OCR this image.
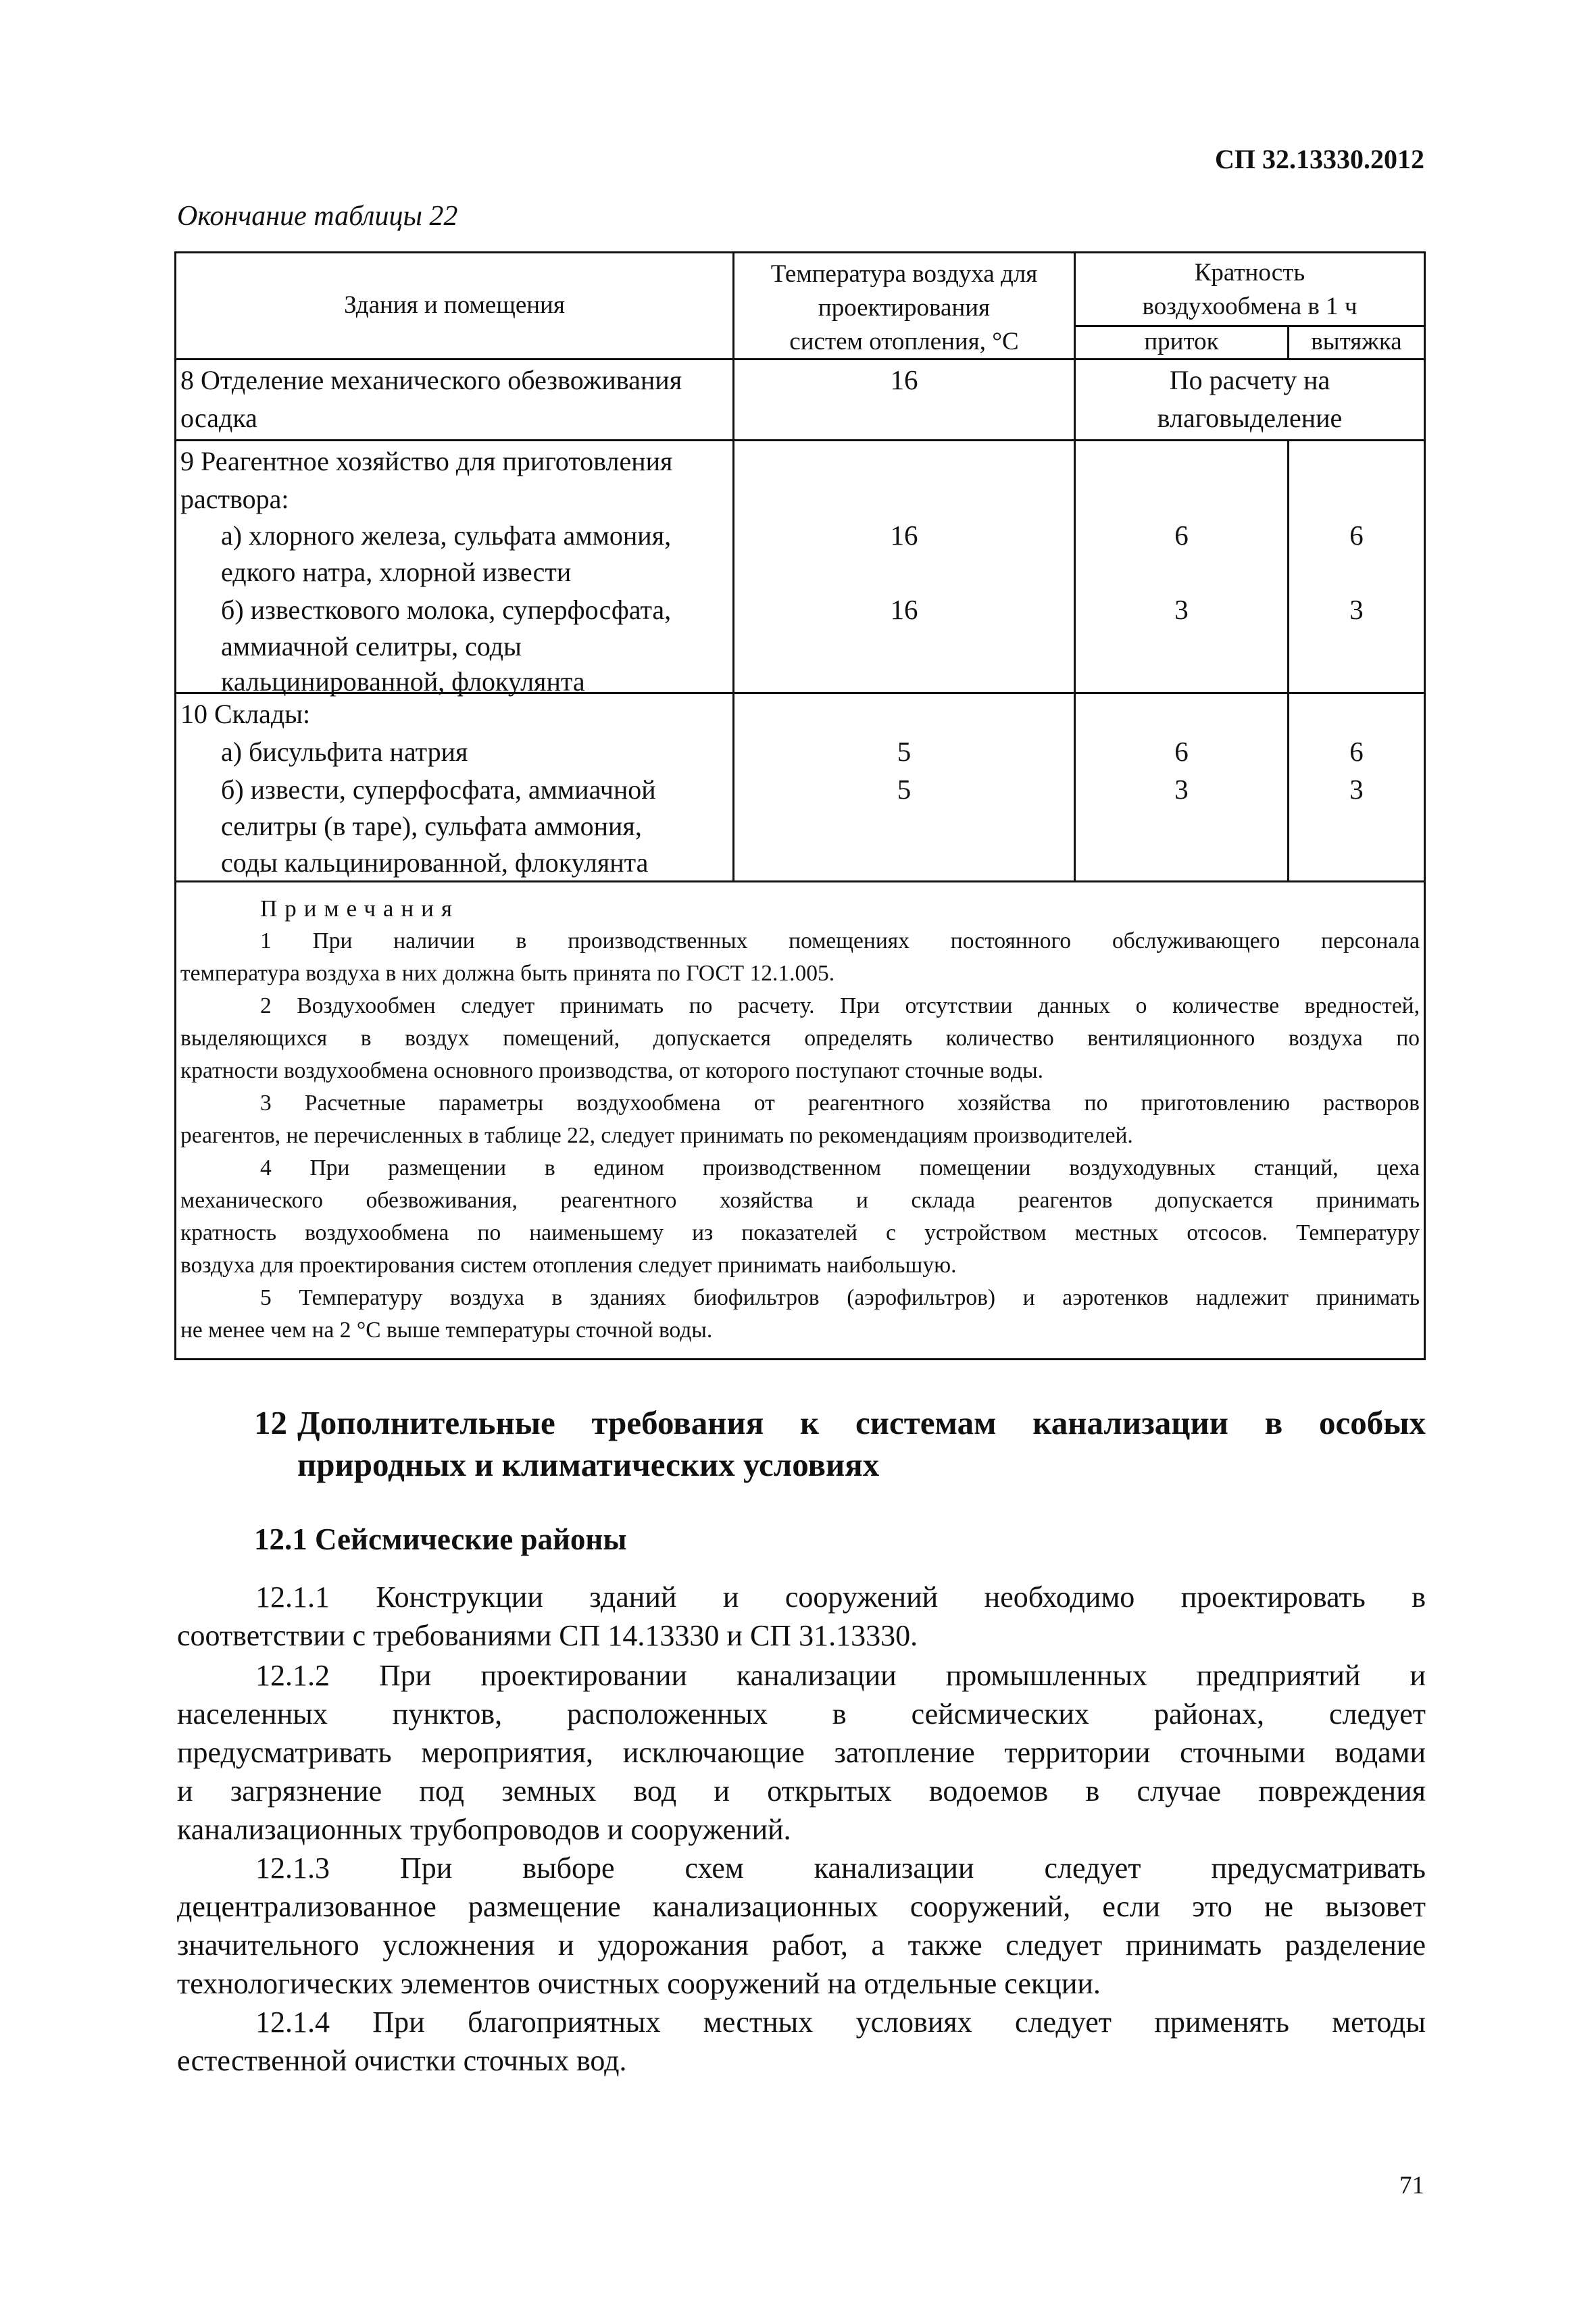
СП 32.13330.2012
Окончание таблицы 22
Здания и помещения
Температура воздуха для
проектирования
систем отопления, °С
Кратность
воздухообмена в 1 ч
приток	вытяжка
8 Отделение механического обезвоживания
осадка
16	По расчету на
влаговыделение
9 Реагентное хозяйство для приготовления
раствора:
а) хлорного железа, сульфата аммония,
едкого натра, хлорной извести
16	6	6
б) известкового молока, суперфосфата,
аммиачной селитры, соды
кальцинированной, флокулянта
16	3	3
10 Склады:
а) бисульфита натрия	5	6	6
б) извести, суперфосфата, аммиачной
селитры (в таре), сульфата аммония,
соды кальцинированной, флокулянта
5	3	3
Примечания
1 При наличии в производственных помещениях постоянного обслуживающего персонала
температура воздуха в них должна быть принята по ГОСТ 12.1.005.
2 Воздухообмен следует принимать по расчету. При отсутствии данных о количестве вредностей,
выделяющихся в воздух помещений, допускается определять количество вентиляционного воздуха по
кратности воздухообмена основного производства, от которого поступают сточные воды.
3 Расчетные параметры воздухообмена от реагентного хозяйства по приготовлению растворов
реагентов, не перечисленных в таблице 22, следует принимать по рекомендациям производителей.
4 При размещении в едином производственном помещении воздуходувных станций, цеха
механического обезвоживания, реагентного хозяйства и склада реагентов допускается принимать
кратность воздухообмена по наименьшему из показателей с устройством местных отсосов. Температуру
воздуха для проектирования систем отопления следует принимать наибольшую.
5 Температуру воздуха в зданиях биофильтров (аэрофильтров) и аэротенков надлежит принимать
не менее чем на 2 °С выше температуры сточной воды.
12 Дополнительные требования к системам канализации в особых
природных и климатических условиях
12.1 Сейсмические районы
12.1.1 Конструкции зданий и сооружений необходимо проектировать в
соответствии с требованиями СП 14.13330 и СП 31.13330.
12.1.2 При проектировании канализации промышленных предприятий и
населенных пунктов, расположенных в сейсмических районах, следует
предусматривать мероприятия, исключающие затопление территории сточными водами
и загрязнение под земных вод и открытых водоемов в случае повреждения
канализационных трубопроводов и сооружений.
12.1.3 При выборе схем канализации следует предусматривать
децентрализованное размещение канализационных сооружений, если это не вызовет
значительного усложнения и удорожания работ, а также следует принимать разделение
технологических элементов очистных сооружений на отдельные секции.
12.1.4 При благоприятных местных условиях следует применять методы
естественной очистки сточных вод.
71
